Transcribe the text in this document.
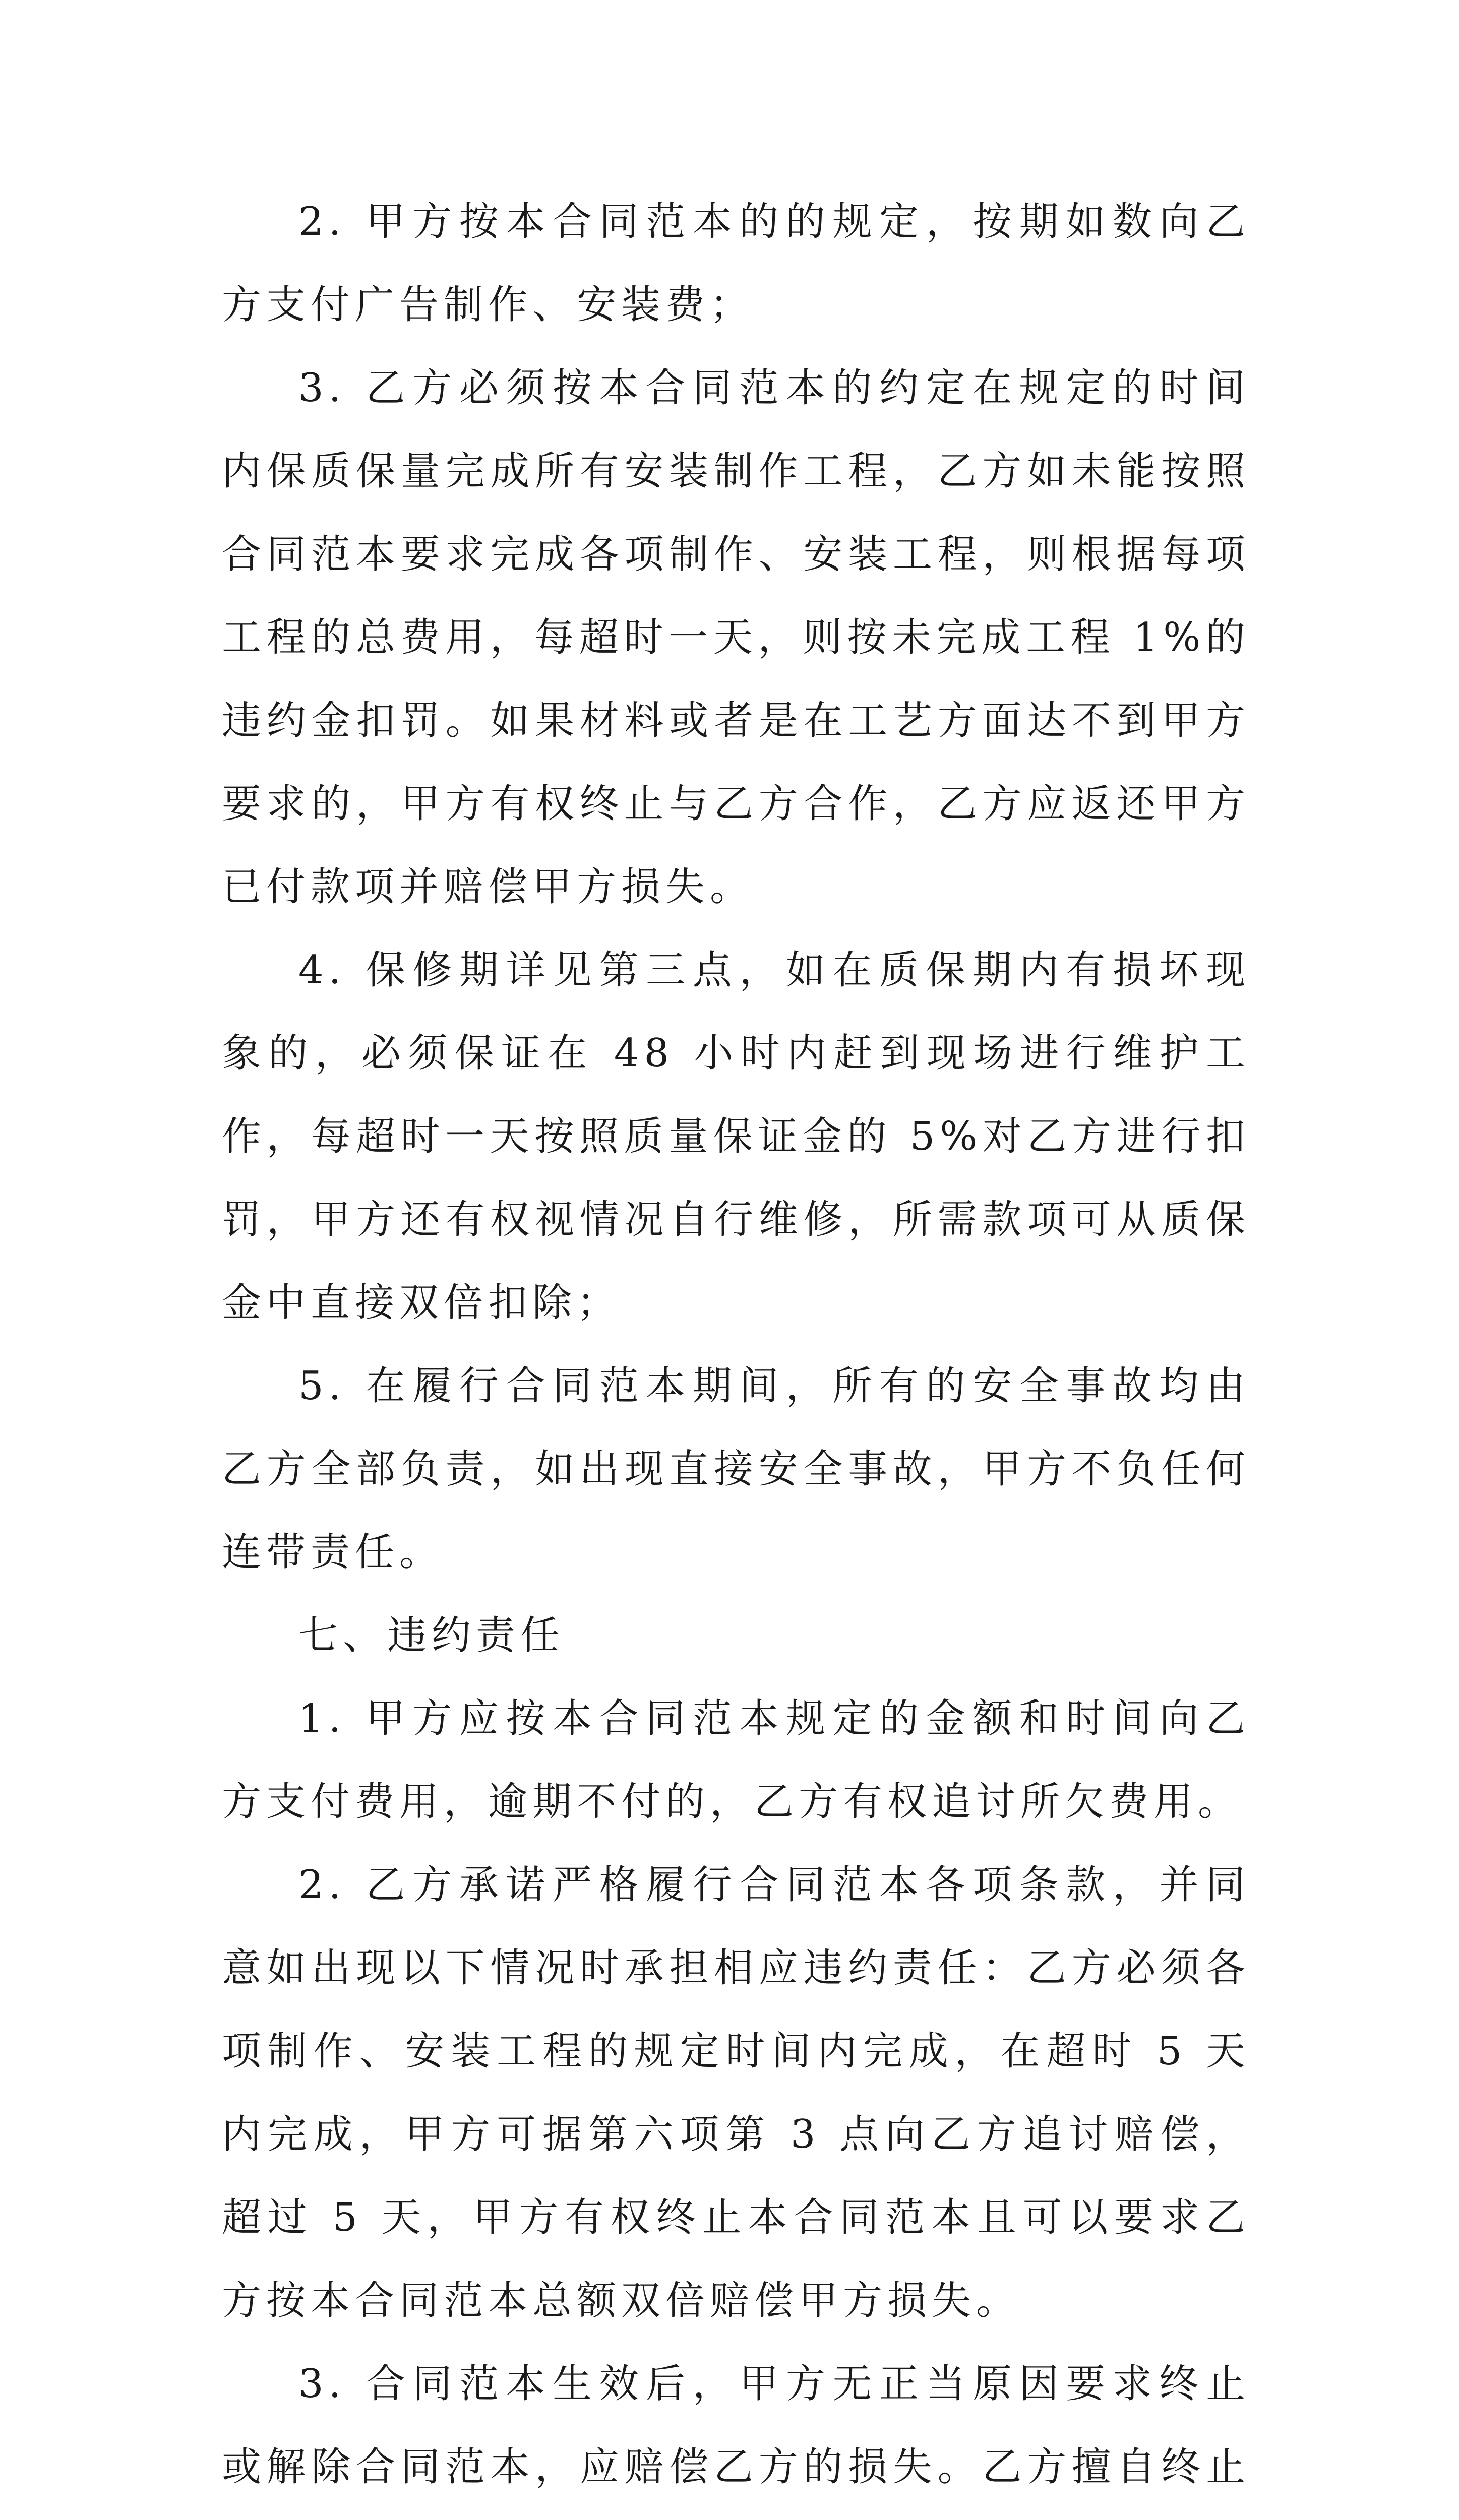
2. 甲方按本合同范本的的规定，按期如数向乙方支付广告制作、安装费；

3. 乙方必须按本合同范本的约定在规定的时间内保质保量完成所有安装制作工程，乙方如未能按照合同范本要求完成各项制作、安装工程，则根据每项工程的总费用，每超时一天，则按未完成工程 1%的违约金扣罚。如果材料或者是在工艺方面达不到甲方要求的，甲方有权终止与乙方合作，乙方应返还甲方已付款项并赔偿甲方损失。

4. 保修期详见第三点，如在质保期内有损坏现象的，必须保证在 48 小时内赶到现场进行维护工作，每超时一天按照质量保证金的 5%对乙方进行扣罚，甲方还有权视情况自行维修，所需款项可从质保金中直接双倍扣除；

5. 在履行合同范本期间，所有的安全事故均由乙方全部负责，如出现直接安全事故，甲方不负任何连带责任。

七、违约责任

1. 甲方应按本合同范本规定的金额和时间向乙方支付费用，逾期不付的，乙方有权追讨所欠费用。

2. 乙方承诺严格履行合同范本各项条款，并同意如出现以下情况时承担相应违约责任：乙方必须各项制作、安装工程的规定时间内完成，在超时 5 天内完成，甲方可据第六项第 3 点向乙方追讨赔偿，超过 5 天，甲方有权终止本合同范本且可以要求乙方按本合同范本总额双倍赔偿甲方损失。

3. 合同范本生效后，甲方无正当原因要求终止或解除合同范本，应赔偿乙方的损失。乙方擅自终止
